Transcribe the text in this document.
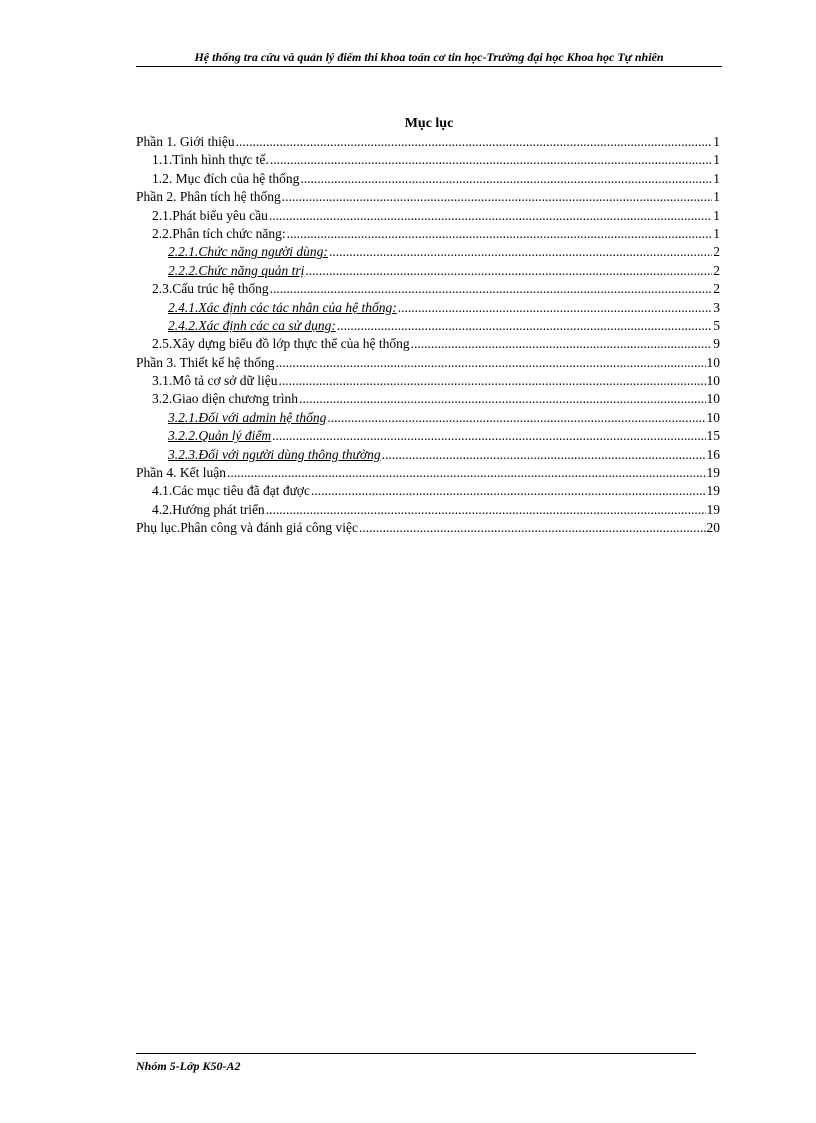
Hệ thống tra cứu và quản lý điểm thi khoa toán cơ tin học-Trường đại học Khoa học Tự nhiên
Mục lục
Phần 1. Giới thiệu .....	1
1.1.Tình hình thực tế. .....	1
1.2. Mục đích của hệ thống .....	1
Phần 2. Phân tích hệ thống .....	1
2.1.Phát biểu yêu cầu .....	1
2.2.Phân tích chức năng: .....	1
2.2.1.Chức năng người dùng: .....	2
2.2.2.Chức năng quản trị .....	2
2.3.Cấu trúc hệ thống .....	2
2.4.1.Xác định các tác nhân của hệ thống: .....	3
2.4.2.Xác định các ca sử dụng: .....	5
2.5.Xây dựng biểu đồ lớp thực thể của hệ thống .....	9
Phần 3. Thiết kế hệ thống .....	10
3.1.Mô tả cơ sở dữ liệu .....	10
3.2.Giao diện chương trình .....	10
3.2.1.Đối với admin hệ thống .....	10
3.2.2.Quản lý điểm .....	15
3.2.3.Đối với người dùng thông thường .....	16
Phần 4. Kết luận .....	19
4.1.Các mục tiêu đã đạt được .....	19
4.2.Hướng phát triển .....	19
Phụ lục.Phân công và đánh giá công việc .....	20
Nhóm 5-Lớp K50-A2
